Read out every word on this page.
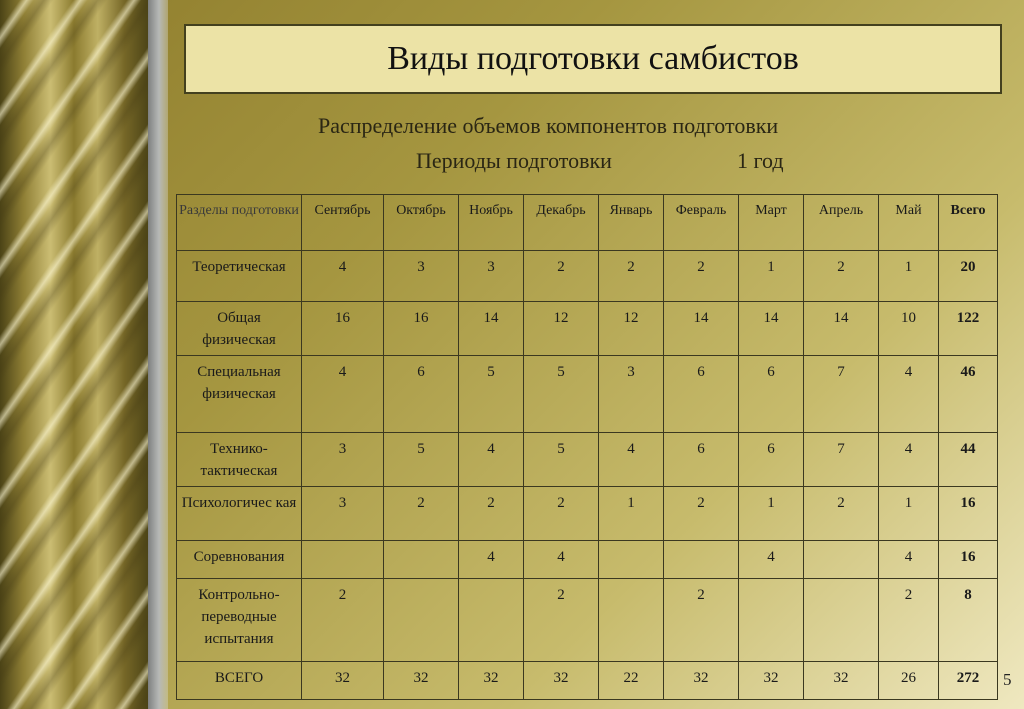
Виды подготовки самбистов
Распределение объемов компонентов подготовки
Периоды подготовки	1 год
Разделы подготовки	Сентябрь	Октябрь	Ноябрь	Декабрь	Январь	Февраль	Март	Апрель	Май	Всего
Теоретическая	4	3	3	2	2	2	1	2	1	20
Общая физическая	16	16	14	12	12	14	14	14	10	122
Специальная физическая	4	6	5	5	3	6	6	7	4	46
Технико-тактическая	3	5	4	5	4	6	6	7	4	44
Психологичес кая	3	2	2	2	1	2	1	2	1	16
Соревнования			4	4			4		4	16
Контрольно-переводные испытания	2			2		2			2	8
ВСЕГО	32	32	32	32	22	32	32	32	26	272 5
